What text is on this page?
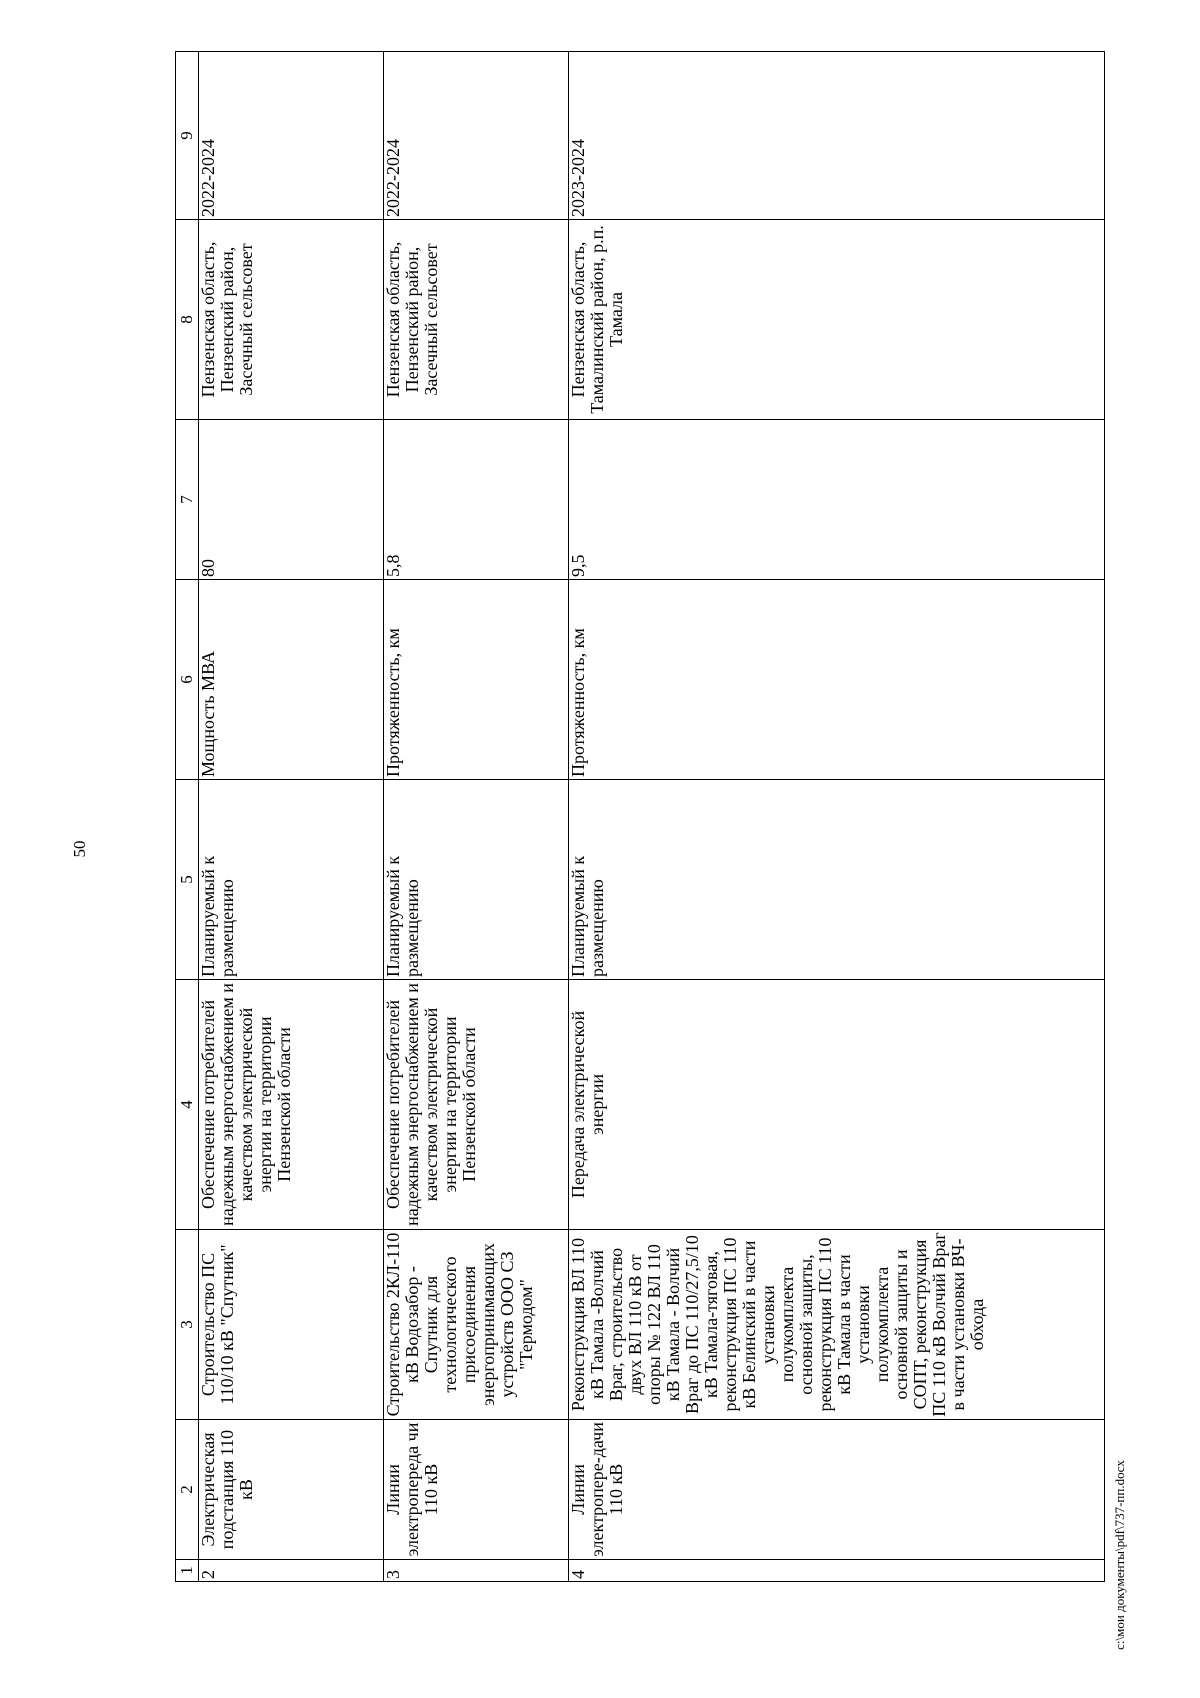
50
1	2	3	4	5	6	7	8	9
2	Электрическая подстанция 110 кВ	Строительство ПС 110/10 кВ "Спутник"	Обеспечение потребителей надежным энергоснабжением и качеством электрической энергии на территории Пензенской области	Планируемый к размещению	Мощность МВА	80	Пензенская область, Пензенский район, Засечный сельсовет	2022-2024
3	Линии электропереда чи 110 кВ	Строительство 2КЛ-110 кВ Водозабор - Спутник для технологического присоединения энергопринимающих устройств ООО СЗ "Термодом"	Обеспечение потребителей надежным энергоснабжением и качеством электрической энергии на территории Пензенской области	Планируемый к размещению	Протяженность, км	5,8	Пензенская область, Пензенский район, Засечный сельсовет	2022-2024
4	Линии электропере-дачи 110 кВ	Реконструкция ВЛ 110 кВ Тамала -Волчий Враг, строительство двух ВЛ 110 кВ от опоры № 122 ВЛ 110 кВ Тамала - Волчий Враг до ПС 110/27,5/10 кВ Тамала-тяговая, реконструкция ПС 110 кВ Белинский в части установки полукомплекта основной защиты, реконструкция ПС 110 кВ Тамала в части установки полукомплекта основной защиты и СОПТ, реконструкция ПС 110 кВ Волчий Враг в части установки ВЧ-обхода	Передача электрической энергии	Планируемый к размещению	Протяженность, км	9,5	Пензенская область, Тамалинский район, р.п. Тамала	2023-2024
c:\мои документы\pdf\737-пп.docx
